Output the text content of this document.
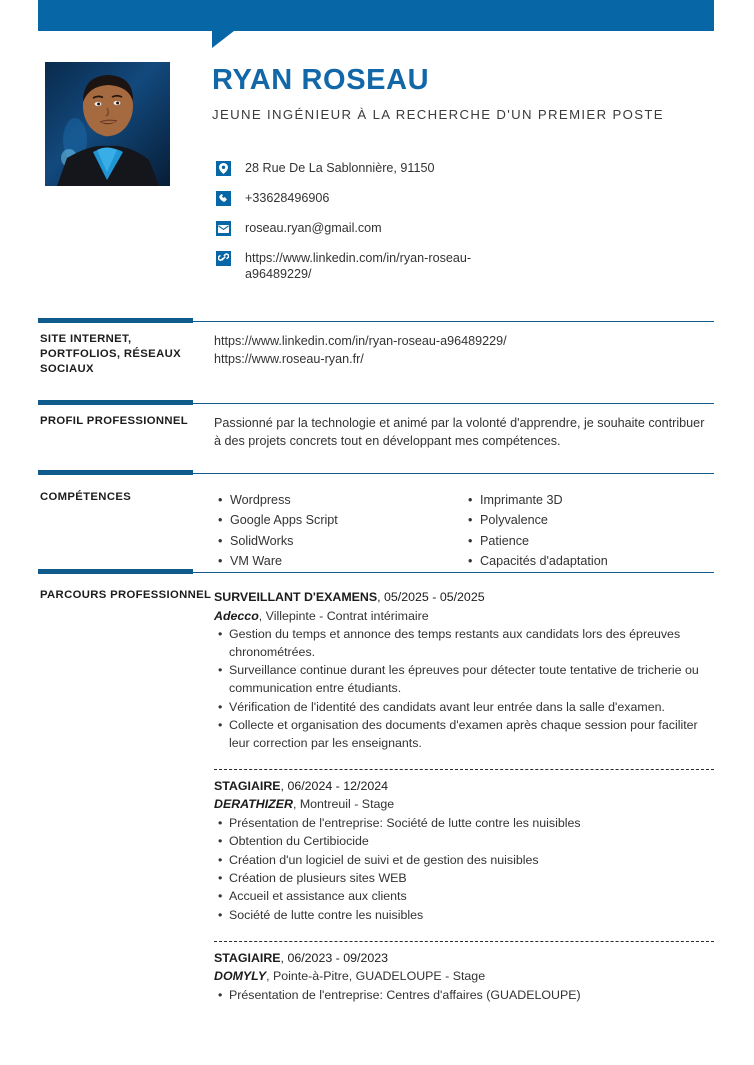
RYAN ROSEAU
JEUNE INGÉNIEUR À LA RECHERCHE D'UN PREMIER POSTE
28 Rue De La Sablonnière, 91150
+33628496906
roseau.ryan@gmail.com
https://www.linkedin.com/in/ryan-roseau-a96489229/
SITE INTERNET, PORTFOLIOS, RÉSEAUX SOCIAUX
https://www.linkedin.com/in/ryan-roseau-a96489229/
https://www.roseau-ryan.fr/
PROFIL PROFESSIONNEL	Passionné par la technologie et animé par la volonté d'apprendre, je souhaite contribuer à des projets concrets tout en développant mes compétences.
COMPÉTENCES	• Wordpress
• Google Apps Script
• SolidWorks
• VM Ware
• Imprimante 3D
• Polyvalence
• Patience
• Capacités d'adaptation
PARCOURS PROFESSIONNEL SURVEILLANT D'EXAMENS, 05/2025 - 05/2025
Adecco, Villepinte - Contrat intérimaire
• Gestion du temps et annonce des temps restants aux candidats lors des épreuves chronométrées.
• Surveillance continue durant les épreuves pour détecter toute tentative de tricherie ou communication entre étudiants.
• Vérification de l'identité des candidats avant leur entrée dans la salle d'examen.
• Collecte et organisation des documents d'examen après chaque session pour faciliter leur correction par les enseignants.
STAGIAIRE, 06/2024 - 12/2024
DERATHIZER, Montreuil - Stage
• Présentation de l'entreprise: Société de lutte contre les nuisibles
• Obtention du Certibiocide
• Création d'un logiciel de suivi et de gestion des nuisibles
• Création de plusieurs sites WEB
• Accueil et assistance aux clients
• Société de lutte contre les nuisibles
STAGIAIRE, 06/2023 - 09/2023
DOMYLY, Pointe-à-Pitre, GUADELOUPE - Stage
• Présentation de l'entreprise: Centres d'affaires (GUADELOUPE)
